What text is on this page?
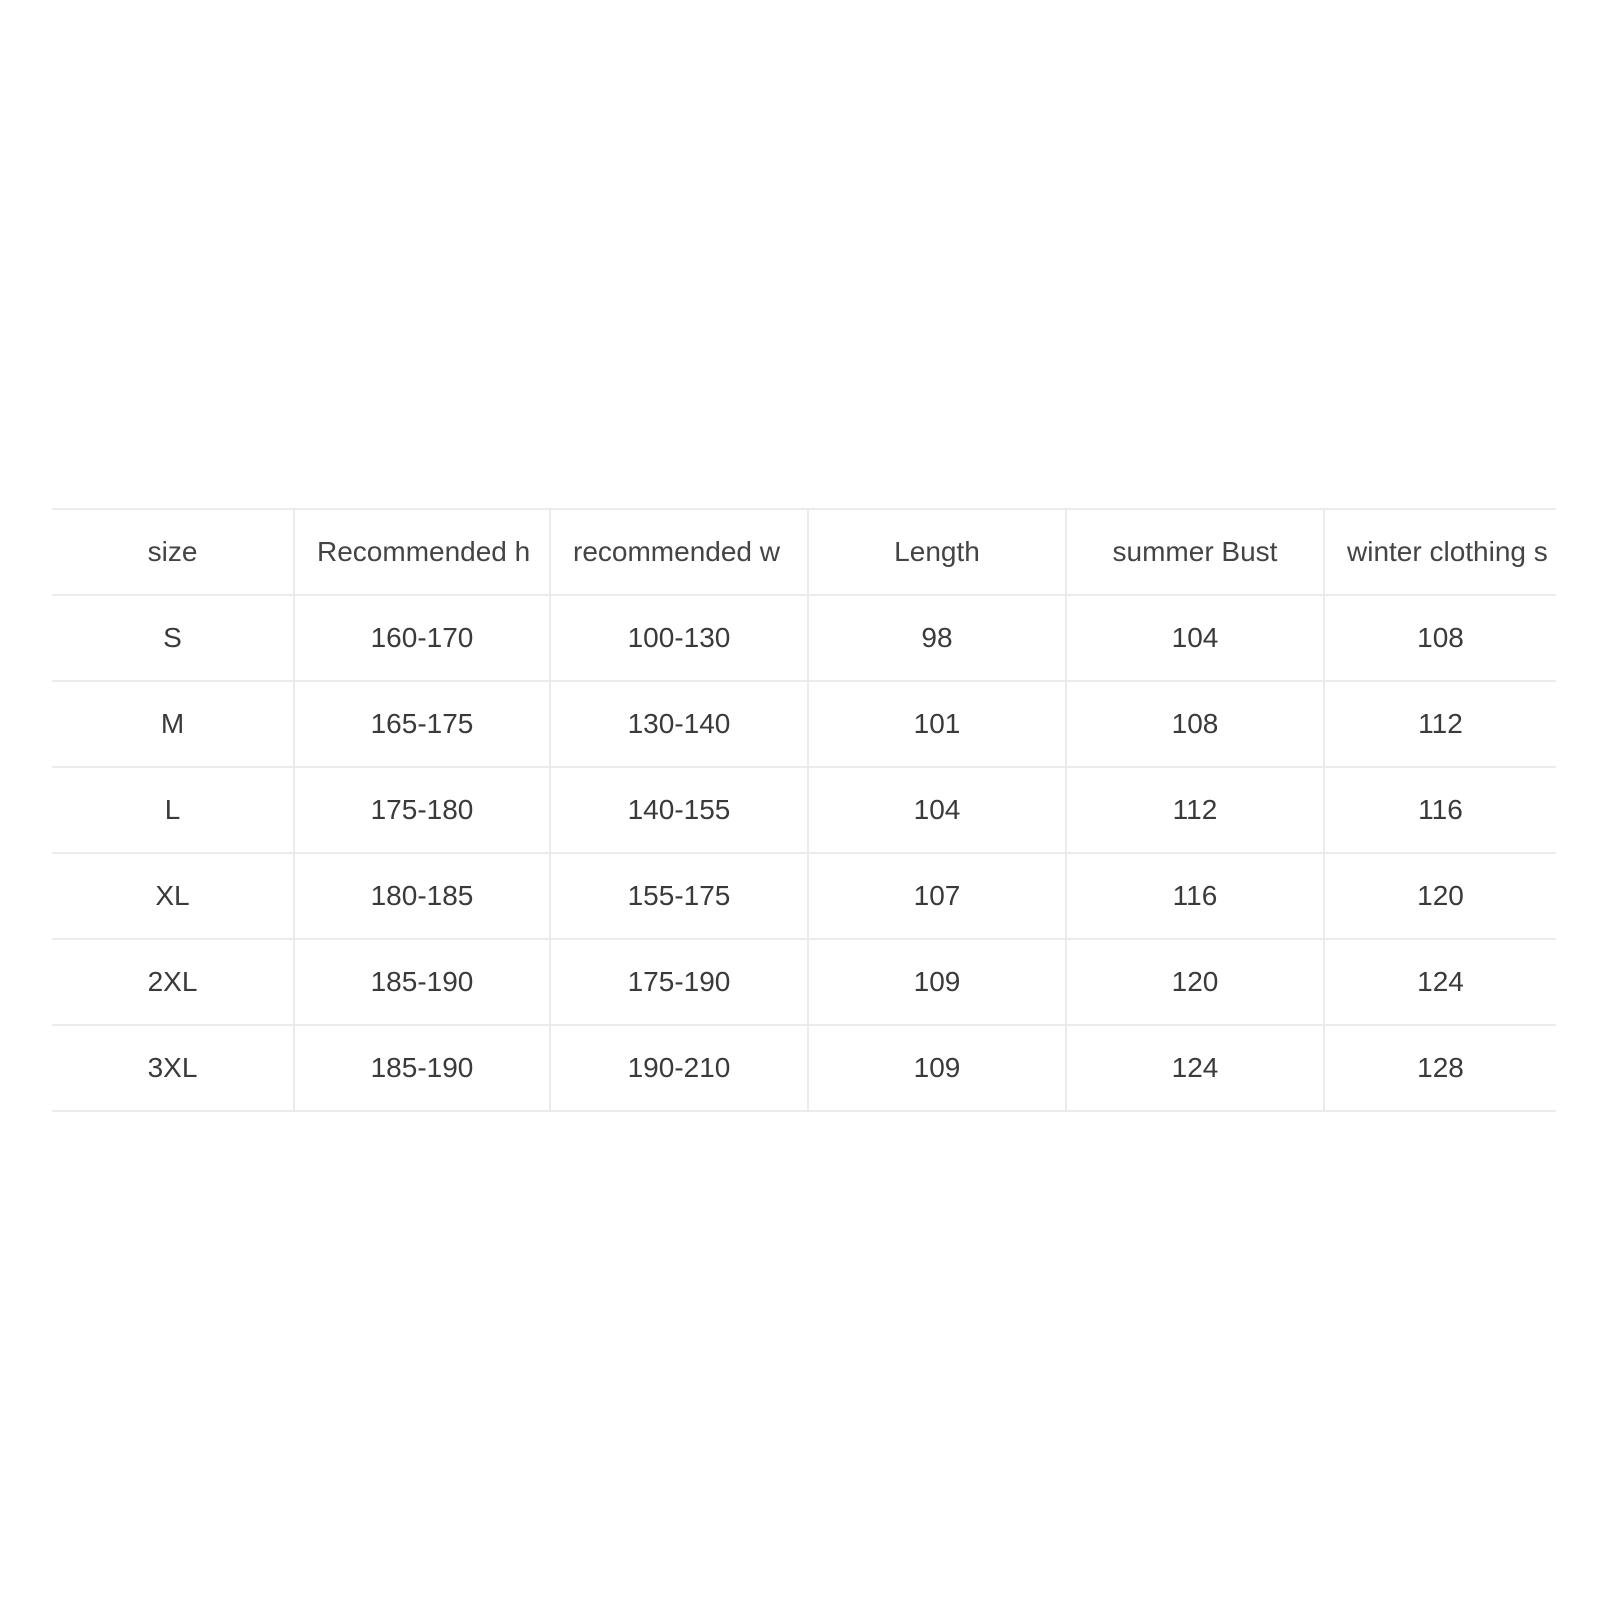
size	Recommended h	recommended w	Length	summer Bust	winter clothing s
S	160-170	100-130	98	104	108
M	165-175	130-140	101	108	112
L	175-180	140-155	104	112	116
XL	180-185	155-175	107	116	120
2XL	185-190	175-190	109	120	124
3XL	185-190	190-210	109	124	128
